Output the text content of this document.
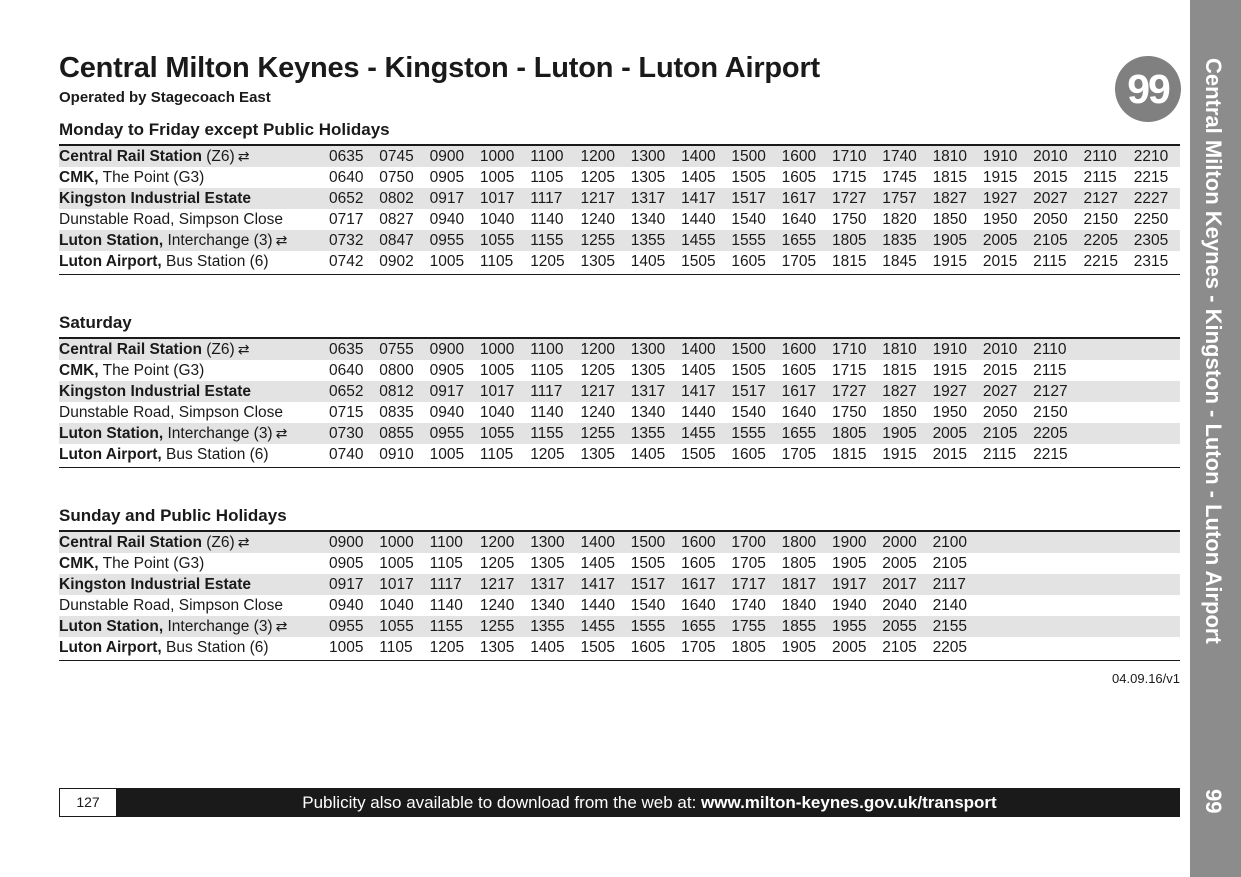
Central Milton Keynes - Kingston - Luton - Luton Airport
Operated by Stagecoach East	99	Central Milton Keynes - Kingston - Luton - Luton Airport
99
Monday to Friday except Public Holidays
Central Rail Station (Z6) ⇄	0635	0745	0900	1000	1100	1200	1300	1400	1500	1600	1710	1740	1810	1910	2010	2110	2210
CMK, The Point (G3)	0640	0750	0905	1005	1105	1205	1305	1405	1505	1605	1715	1745	1815	1915	2015	2115	2215
Kingston Industrial Estate	0652	0802	0917	1017	1117	1217	1317	1417	1517	1617	1727	1757	1827	1927	2027	2127	2227
Dunstable Road, Simpson Close	0717	0827	0940	1040	1140	1240	1340	1440	1540	1640	1750	1820	1850	1950	2050	2150	2250
Luton Station, Interchange (3) ⇄	0732	0847	0955	1055	1155	1255	1355	1455	1555	1655	1805	1835	1905	2005	2105	2205	2305
Luton Airport, Bus Station (6)	0742	0902	1005	1105	1205	1305	1405	1505	1605	1705	1815	1845	1915	2015	2115	2215	2315
Saturday
Central Rail Station (Z6) ⇄	0635	0755	0900	1000	1100	1200	1300	1400	1500	1600	1710	1810	1910	2010	2110
CMK, The Point (G3)	0640	0800	0905	1005	1105	1205	1305	1405	1505	1605	1715	1815	1915	2015	2115
Kingston Industrial Estate	0652	0812	0917	1017	1117	1217	1317	1417	1517	1617	1727	1827	1927	2027	2127
Dunstable Road, Simpson Close	0715	0835	0940	1040	1140	1240	1340	1440	1540	1640	1750	1850	1950	2050	2150
Luton Station, Interchange (3) ⇄	0730	0855	0955	1055	1155	1255	1355	1455	1555	1655	1805	1905	2005	2105	2205
Luton Airport, Bus Station (6)	0740	0910	1005	1105	1205	1305	1405	1505	1605	1705	1815	1915	2015	2115	2215
Sunday and Public Holidays
Central Rail Station (Z6) ⇄	0900	1000	1100	1200	1300	1400	1500	1600	1700	1800	1900	2000	2100
CMK, The Point (G3)	0905	1005	1105	1205	1305	1405	1505	1605	1705	1805	1905	2005	2105
Kingston Industrial Estate	0917	1017	1117	1217	1317	1417	1517	1617	1717	1817	1917	2017	2117
Dunstable Road, Simpson Close	0940	1040	1140	1240	1340	1440	1540	1640	1740	1840	1940	2040	2140
Luton Station, Interchange (3) ⇄	0955	1055	1155	1255	1355	1455	1555	1655	1755	1855	1955	2055	2155
Luton Airport, Bus Station (6)	1005	1105	1205	1305	1405	1505	1605	1705	1805	1905	2005	2105	2205
04.09.16/v1
127	Publicity also available to download from the web at: www.milton-keynes.gov.uk/transport
